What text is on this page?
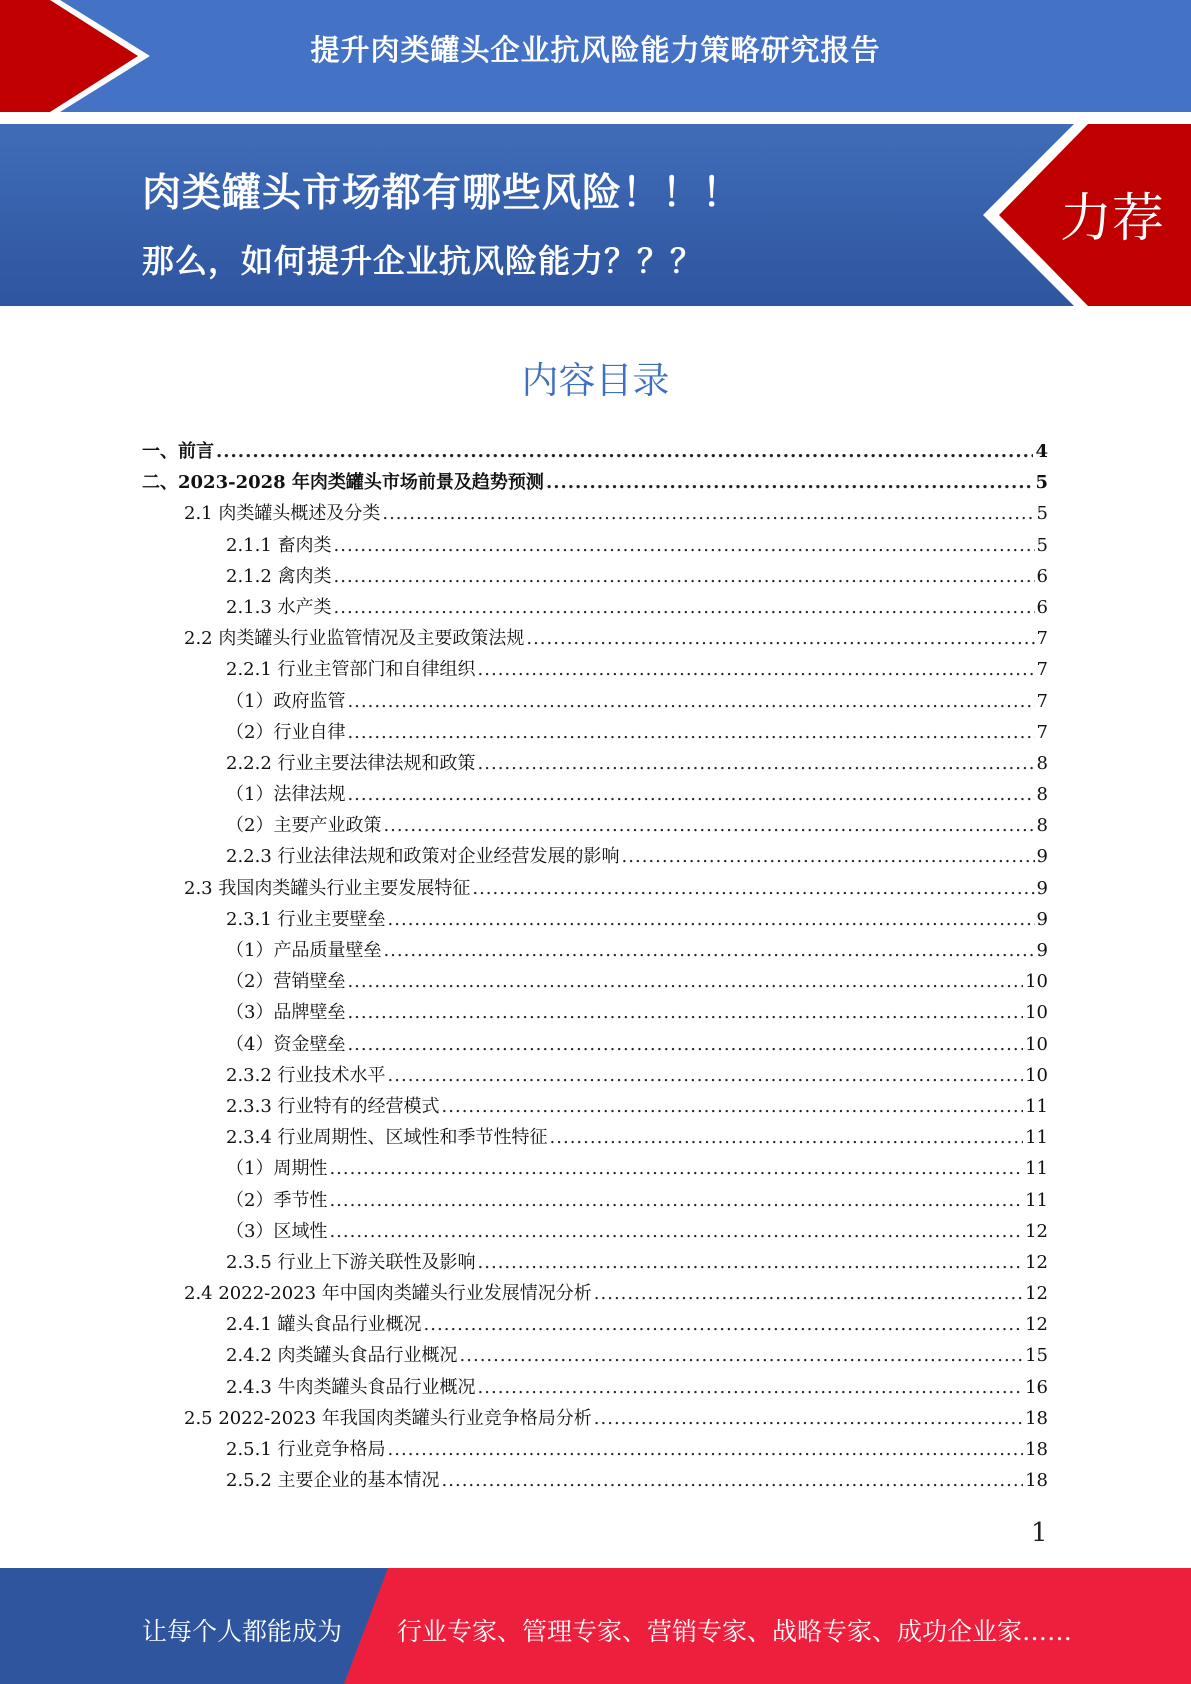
提升肉类罐头企业抗风险能力策略研究报告
肉类罐头市场都有哪些风险！！！
那么，如何提升企业抗风险能力？？？
力荐
内容目录
一、前言 .....	4
二、2023-2028 年肉类罐头市场前景及趋势预测 .....	5
2.1 肉类罐头概述及分类 .....	5
2.1.1 畜肉类 .....	5
2.1.2 禽肉类 .....	6
2.1.3 水产类 .....	6
2.2 肉类罐头行业监管情况及主要政策法规 .....	7
2.2.1 行业主管部门和自律组织 .....	7
（1）政府监管 .....	7
（2）行业自律 .....	7
2.2.2 行业主要法律法规和政策 .....	8
（1）法律法规 .....	8
（2）主要产业政策 .....	8
2.2.3 行业法律法规和政策对企业经营发展的影响 .....	9
2.3 我国肉类罐头行业主要发展特征 .....	9
2.3.1 行业主要壁垒 .....	9
（1）产品质量壁垒 .....	9
（2）营销壁垒 .....	10
（3）品牌壁垒 .....	10
（4）资金壁垒 .....	10
2.3.2 行业技术水平 .....	10
2.3.3 行业特有的经营模式 .....	11
2.3.4 行业周期性、区域性和季节性特征 .....	11
（1）周期性 .....	11
（2）季节性 .....	11
（3）区域性 .....	12
2.3.5 行业上下游关联性及影响 .....	12
2.4 2022-2023 年中国肉类罐头行业发展情况分析 .....	12
2.4.1 罐头食品行业概况 .....	12
2.4.2 肉类罐头食品行业概况 .....	15
2.4.3 牛肉类罐头食品行业概况 .....	16
2.5 2022-2023 年我国肉类罐头行业竞争格局分析 .....	18
2.5.1 行业竞争格局 .....	18
2.5.2 主要企业的基本情况 .....	18
1
让每个人都能成为 行业专家、管理专家、营销专家、战略专家、成功企业家……
